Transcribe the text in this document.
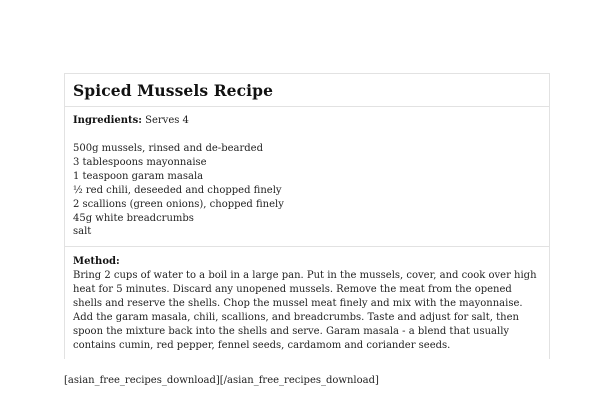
Spiced Mussels Recipe
Ingredients: Serves 4
500g mussels, rinsed and de-bearded
3 tablespoons mayonnaise
1 teaspoon garam masala
½ red chili, deseeded and chopped finely
2 scallions (green onions), chopped finely
45g white breadcrumbs
salt
Method:

Bring 2 cups of water to a boil in a large pan. Put in the mussels, cover, and cook over high heat for 5 minutes. Discard any unopened mussels. Remove the meat from the opened shells and reserve the shells. Chop the mussel meat finely and mix with the mayonnaise. Add the garam masala, chili, scallions, and breadcrumbs. Taste and adjust for salt, then spoon the mixture back into the shells and serve. Garam masala - a blend that usually contains cumin, red pepper, fennel seeds, cardamom and coriander seeds.

[asian_free_recipes_download][/asian_free_recipes_download]
